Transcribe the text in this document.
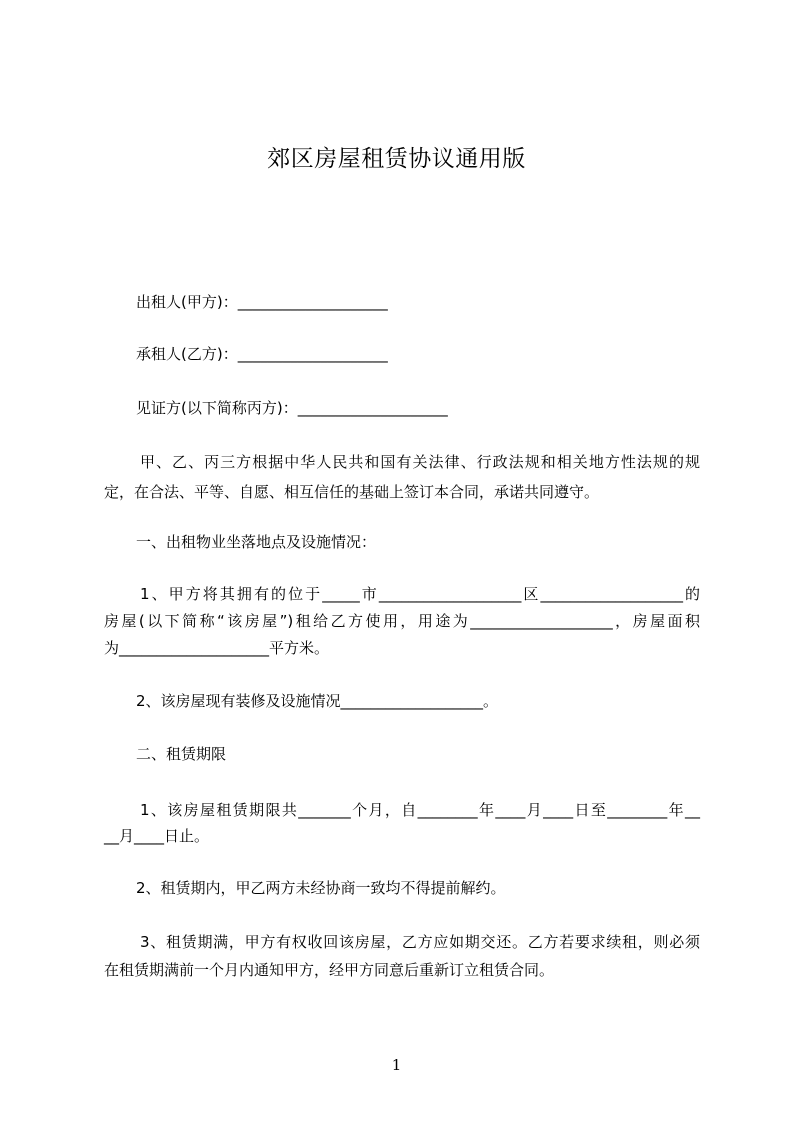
郊区房屋租赁协议通用版
出租人(甲方)：____________________
承租人(乙方)：____________________
见证方(以下简称丙方)：____________________
甲、乙、丙三方根据中华人民共和国有关法律、行政法规和相关地方性法规的规
定，在合法、平等、自愿、相互信任的基础上签订本合同，承诺共同遵守。
一、出租物业坐落地点及设施情况：
1、甲方将其拥有的位于_____市___________________区___________________的
房屋(以下简称“该房屋”)租给乙方使用，用途为___________________，房屋面积
为____________________平方米。
2、该房屋现有装修及设施情况___________________。
二、租赁期限
1、该房屋租赁期限共_______个月，自________年____月____日至________年__
__月____日止。
2、租赁期内，甲乙两方未经协商一致均不得提前解约。
3、租赁期满，甲方有权收回该房屋，乙方应如期交还。乙方若要求续租，则必须
在租赁期满前一个月内通知甲方，经甲方同意后重新订立租赁合同。
1
